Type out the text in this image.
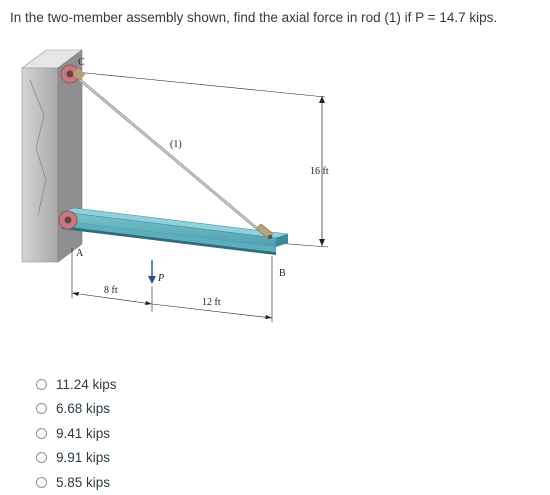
In the two-member assembly shown, find the axial force in rod (1) if P = 14.7 kips.
16 ft
(1)
C
A
B
P
8 ft
12 ft
11.24 kips
6.68 kips
9.41 kips
9.91 kips
5.85 kips
